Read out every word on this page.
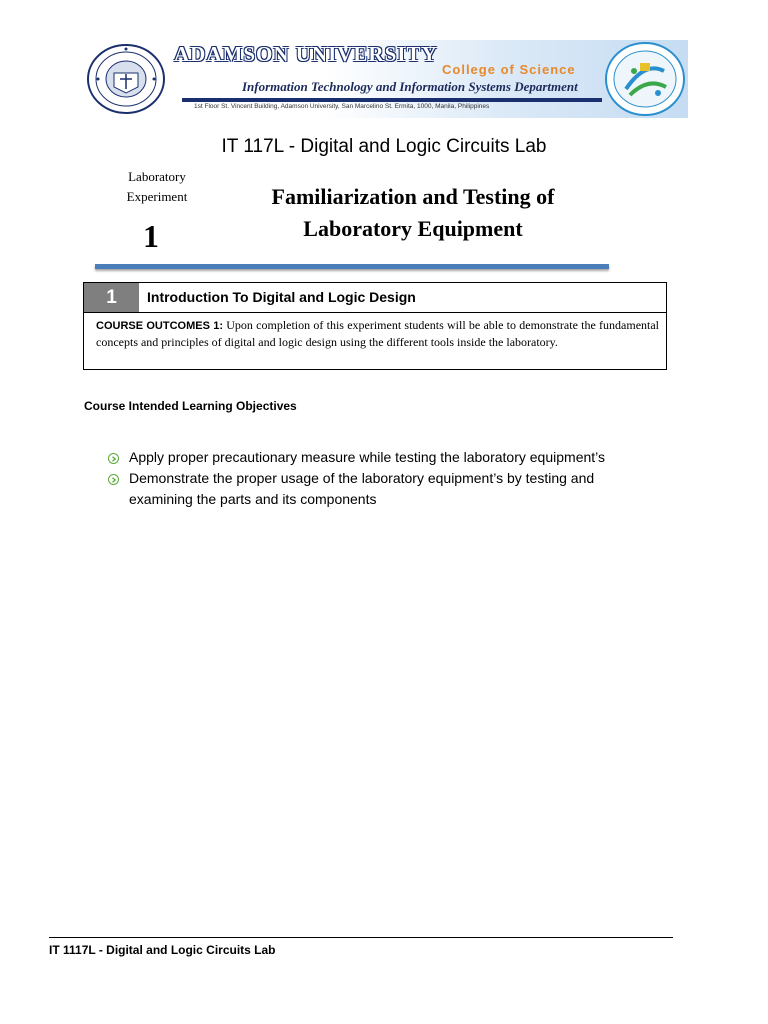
ADAMSON UNIVERSITY
College of Science
Information Technology and Information Systems Department
1st Floor St. Vincent Building, Adamson University, San Marcelino St. Ermita, 1000, Manila, Philippines
IT 117L - Digital and Logic Circuits Lab
Laboratory
Experiment
1
Familiarization and Testing of
Laboratory Equipment
1	Introduction To Digital and Logic Design
COURSE OUTCOMES 1: Upon completion of this experiment students will be able to demonstrate the fundamental concepts and principles of digital and logic design using the different tools inside the laboratory.
Course Intended Learning Objectives
Apply proper precautionary measure while testing the laboratory equipment’s
Demonstrate the proper usage of the laboratory equipment’s by testing and examining the parts and its components
IT 1117L - Digital and Logic Circuits Lab
